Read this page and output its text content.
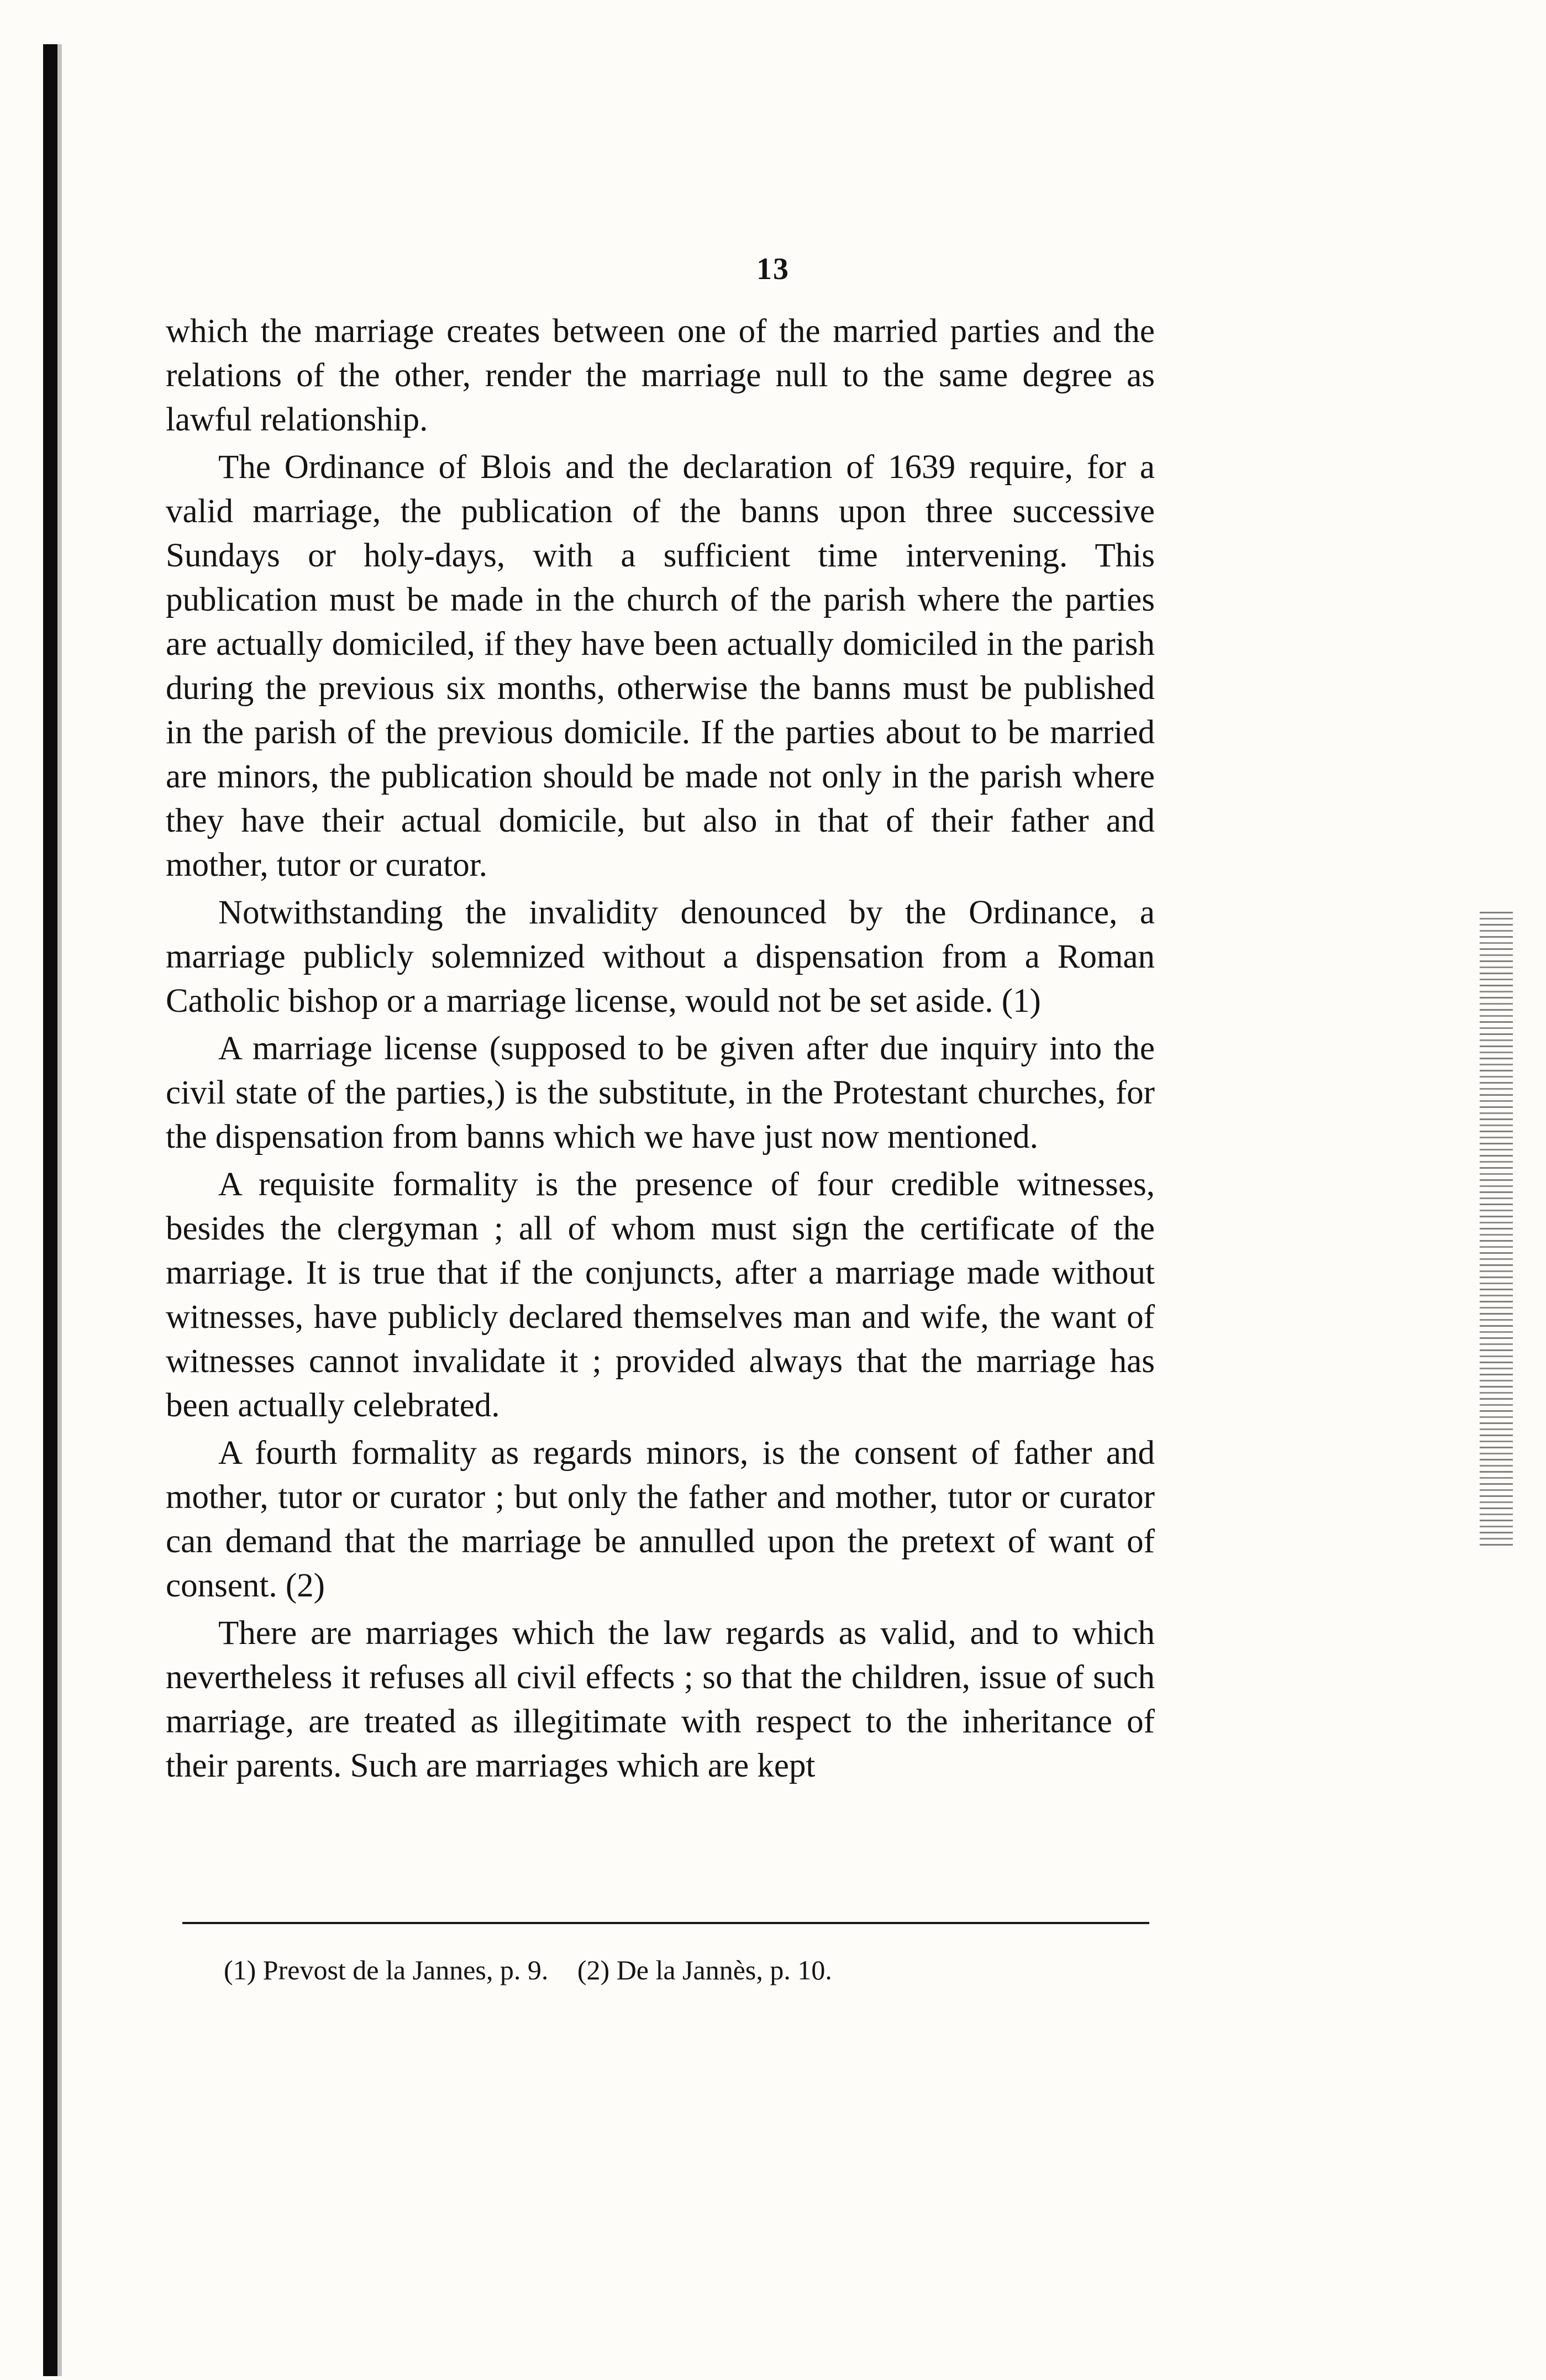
13

which the marriage creates between one of the married parties and the relations of the other, render the marriage null to the same degree as lawful relationship.

The Ordinance of Blois and the declaration of 1639 require, for a valid marriage, the publication of the banns upon three successive Sundays or holy-days, with a sufficient time intervening. This publication must be made in the church of the parish where the parties are actually domiciled, if they have been actually domiciled in the parish during the previous six months, otherwise the banns must be published in the parish of the previous domicile. If the parties about to be married are minors, the publication should be made not only in the parish where they have their actual domicile, but also in that of their father and mother, tutor or curator.

Notwithstanding the invalidity denounced by the Ordinance, a marriage publicly solemnized without a dispensation from a Roman Catholic bishop or a marriage license, would not be set aside. (1)

A marriage license (supposed to be given after due inquiry into the civil state of the parties,) is the substitute, in the Protestant churches, for the dispensation from banns which we have just now mentioned.

A requisite formality is the presence of four credible witnesses, besides the clergyman ; all of whom must sign the certificate of the marriage. It is true that if the conjuncts, after a marriage made without witnesses, have publicly declared themselves man and wife, the want of witnesses cannot invalidate it ; provided always that the marriage has been actually celebrated.

A fourth formality as regards minors, is the consent of father and mother, tutor or curator ; but only the father and mother, tutor or curator can demand that the marriage be annulled upon the pretext of want of consent. (2)

There are marriages which the law regards as valid, and to which nevertheless it refuses all civil effects ; so that the children, issue of such marriage, are treated as illegitimate with respect to the inheritance of their parents. Such are marriages which are kept

(1) Prevost de la Jannes, p. 9. (2) De la Jannès, p. 10.
